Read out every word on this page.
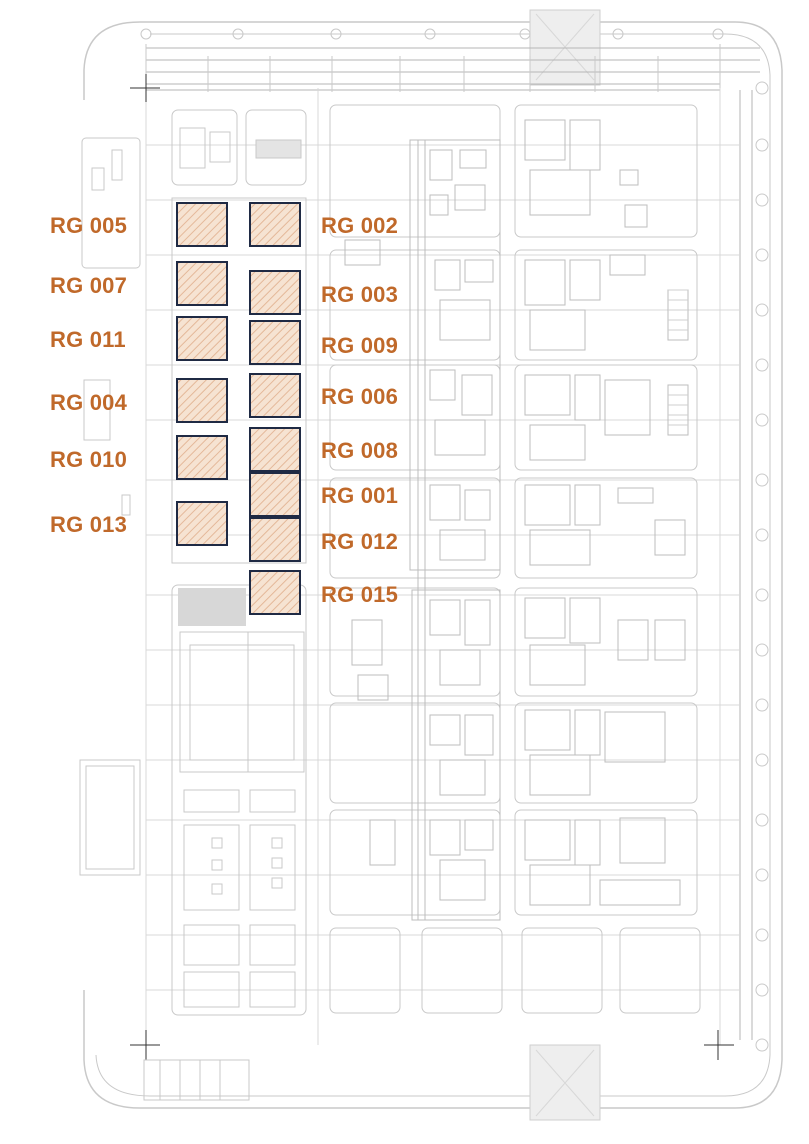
RG 005
RG 007
RG 011
RG 004
RG 010
RG 013
RG 002
RG 003
RG 009
RG 006
RG 008
RG 001
RG 012
RG 015
